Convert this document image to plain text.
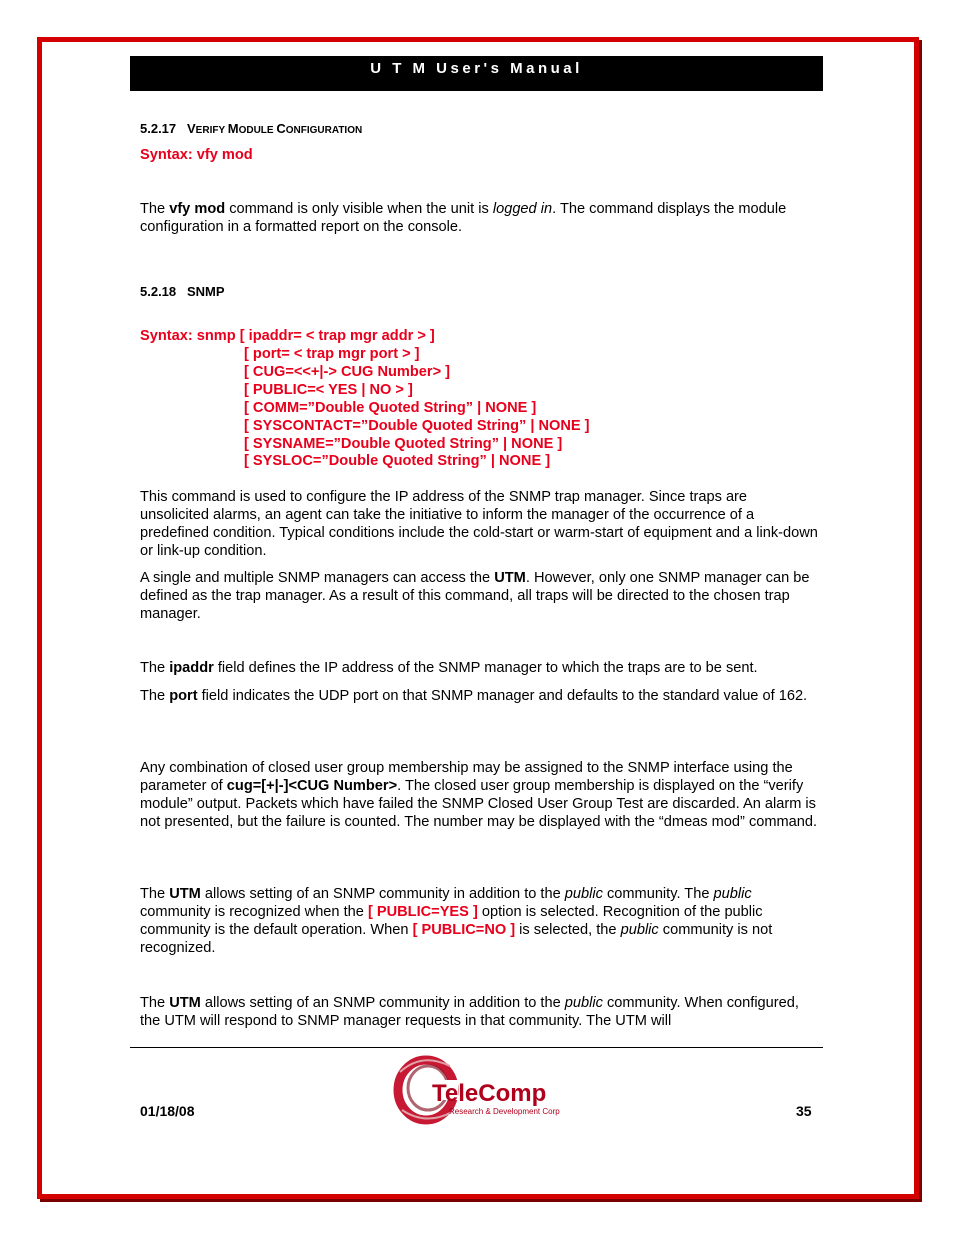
U T M User's Manual
5.2.17 VERIFY MODULE CONFIGURATION
Syntax: vfy mod

The vfy mod command is only visible when the unit is logged in. The command displays the module configuration in a formatted report on the console.

5.2.18 SNMP
Syntax: snmp [ ipaddr= < trap mgr addr > ]
[ port= < trap mgr port > ]
[ CUG=<<+|-> CUG Number> ]
[ PUBLIC=< YES | NO > ]
[ COMM=”Double Quoted String” | NONE ]
[ SYSCONTACT=”Double Quoted String” | NONE ]
[ SYSNAME=”Double Quoted String” | NONE ]
[ SYSLOC=”Double Quoted String” | NONE ]

This command is used to configure the IP address of the SNMP trap manager. Since traps are unsolicited alarms, an agent can take the initiative to inform the manager of the occurrence of a predefined condition. Typical conditions include the cold-start or warm-start of equipment and a link-down or link-up condition.

A single and multiple SNMP managers can access the UTM. However, only one SNMP manager can be defined as the trap manager. As a result of this command, all traps will be directed to the chosen trap manager.

The ipaddr field defines the IP address of the SNMP manager to which the traps are to be sent.

The port field indicates the UDP port on that SNMP manager and defaults to the standard value of 162.

Any combination of closed user group membership may be assigned to the SNMP interface using the parameter of cug=[+|-]<CUG Number>. The closed user group membership is displayed on the “verify module” output. Packets which have failed the SNMP Closed User Group Test are discarded. An alarm is not presented, but the failure is counted. The number may be displayed with the “dmeas mod” command.

The UTM allows setting of an SNMP community in addition to the public community. The public community is recognized when the [ PUBLIC=YES ] option is selected. Recognition of the public community is the default operation. When [ PUBLIC=NO ] is selected, the public community is not recognized.

The UTM allows setting of an SNMP community in addition to the public community. When configured, the UTM will respond to SNMP manager requests in that community. The UTM will

01/18/08	35
TeleComp
Research & Development Corp
